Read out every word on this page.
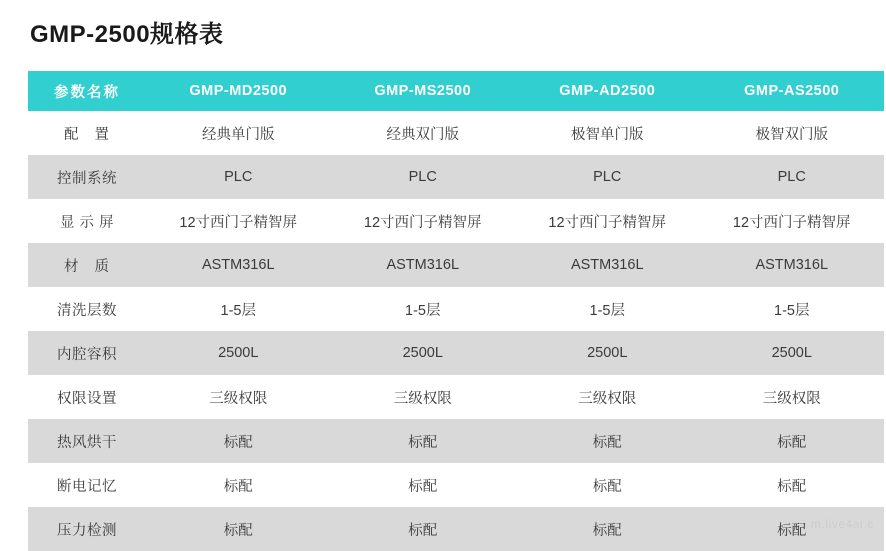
GMP-2500规格表
参数名称	GMP-MD2500	GMP-MS2500	GMP-AD2500	GMP-AS2500
配 置	经典单门版	经典双门版	极智单门版	极智双门版
控制系统	PLC	PLC	PLC	PLC
显 示 屏	12寸西门子精智屏	12寸西门子精智屏	12寸西门子精智屏	12寸西门子精智屏
材 质	ASTM316L	ASTM316L	ASTM316L	ASTM316L
清洗层数	1-5层	1-5层	1-5层	1-5层
内腔容积	2500L	2500L	2500L	2500L
权限设置	三级权限	三级权限	三级权限	三级权限
热风烘干	标配	标配	标配	标配
断电记忆	标配	标配	标配	标配
压力检测	标配	标配	标配	标配 m.live4ai.c
